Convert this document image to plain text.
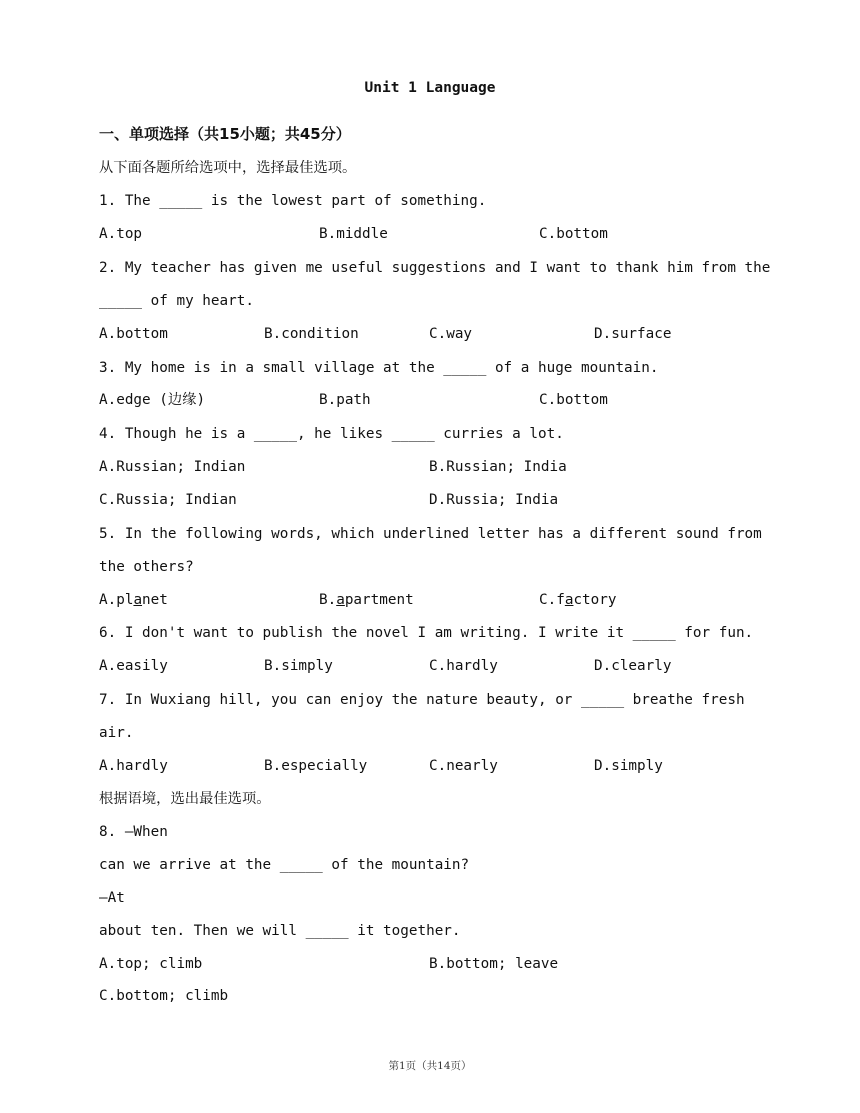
Unit 1 Language
一、单项选择（共15小题；共45分）
从下面各题所给选项中，选择最佳选项。
1. The _____ is the lowest part of something.
A.top	B.middle	C.bottom
2. My teacher has given me useful suggestions and I want to thank him from the
_____ of my heart.
A.bottom	B.condition	C.way	D.surface
3. My home is in a small village at the _____ of a huge mountain.
A.edge (边缘)	B.path	C.bottom
4. Though he is a _____, he likes _____ curries a lot.
A.Russian; Indian	B.Russian; India
C.Russia; Indian	D.Russia; India
5. In the following words, which underlined letter has a different sound from
the others?
A.planet	B.apartment	C.factory
6. I don't want to publish the novel I am writing. I write it _____ for fun.
A.easily	B.simply	C.hardly	D.clearly
7. In Wuxiang hill, you can enjoy the nature beauty, or _____ breathe fresh
air.
A.hardly	B.especially	C.nearly	D.simply
根据语境，选出最佳选项。
8. —When
can we arrive at the _____ of the mountain?
—At
about ten. Then we will _____ it together.
A.top; climb	B.bottom; leave
C.bottom; climb
第1页（共14页）
